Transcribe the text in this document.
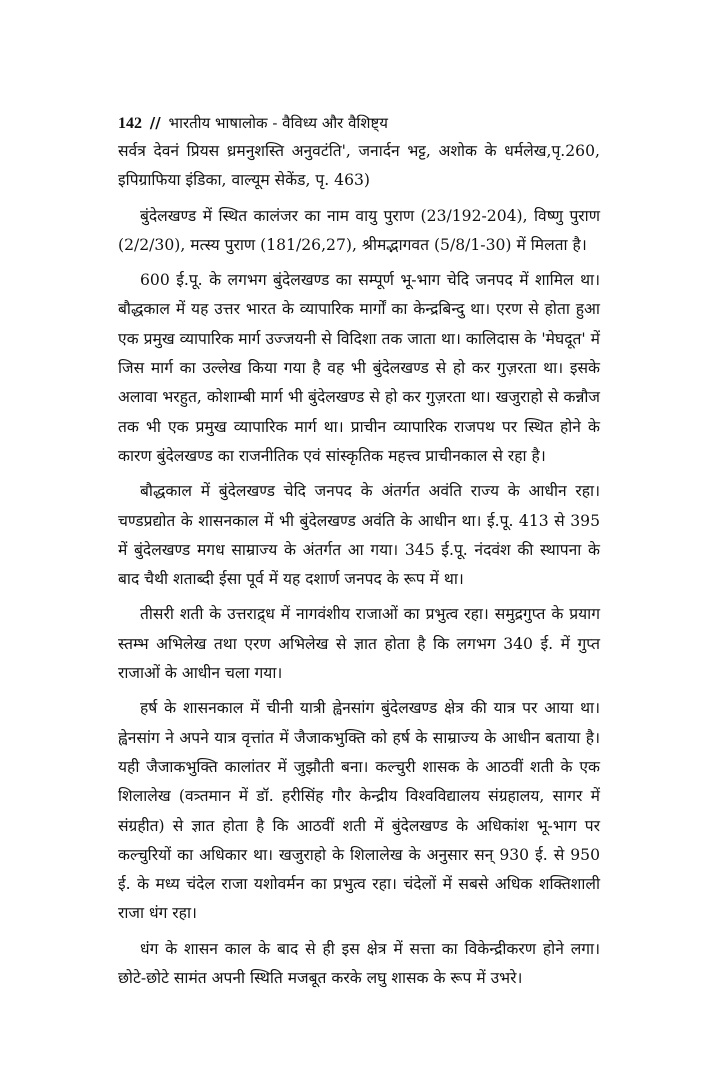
142 // भारतीय भाषालोक - वैविध्य और वैशिष्ट्य

सर्वत्र देवनं प्रियस ध्रमनुशस्ति अनुवटंति', जनार्दन भट्ट, अशोक के धर्मलेख,पृ.260, इपिग्राफिया इंडिका, वाल्यूम सेकेंड, पृ. 463)

बुंदेलखण्ड में स्थित कालंजर का नाम वायु पुराण (23/192-204), विष्णु पुराण (2/2/30), मत्स्य पुराण (181/26,27), श्रीमद्भागवत (5/8/1-30) में मिलता है।

600 ई.पू. के लगभग बुंदेलखण्ड का सम्पूर्ण भू-भाग चेदि जनपद में शामिल था। बौद्धकाल में यह उत्तर भारत के व्यापारिक मार्गों का केन्द्रबिन्दु था। एरण से होता हुआ एक प्रमुख व्यापारिक मार्ग उज्जयनी से विदिशा तक जाता था। कालिदास के 'मेघदूत' में जिस मार्ग का उल्लेख किया गया है वह भी बुंदेलखण्ड से हो कर गुज़रता था। इसके अलावा भरहुत, कोशाम्बी मार्ग भी बुंदेलखण्ड से हो कर गुज़रता था। खजुराहो से कन्नौज तक भी एक प्रमुख व्यापारिक मार्ग था। प्राचीन व्यापारिक राजपथ पर स्थित होने के कारण बुंदेलखण्ड का राजनीतिक एवं सांस्कृतिक महत्त्व प्राचीनकाल से रहा है।

बौद्धकाल में बुंदेलखण्ड चेदि जनपद के अंतर्गत अवंति राज्य के आधीन रहा। चण्डप्रद्योत के शासनकाल में भी बुंदेलखण्ड अवंति के आधीन था। ई.पू. 413 से 395 में बुंदेलखण्ड मगध साम्राज्य के अंतर्गत आ गया। 345 ई.पू. नंदवंश की स्थापना के बाद चैथी शताब्दी ईसा पूर्व में यह दशार्ण जनपद के रूप में था।

तीसरी शती के उत्तराद्र्ध में नागवंशीय राजाओं का प्रभुत्व रहा। समुद्रगुप्त के प्रयाग स्तम्भ अभिलेख तथा एरण अभिलेख से ज्ञात होता है कि लगभग 340 ई. में गुप्त राजाओं के आधीन चला गया।

हर्ष के शासनकाल में चीनी यात्री ह्वेनसांग बुंदेलखण्ड क्षेत्र की यात्र पर आया था। ह्वेनसांग ने अपने यात्र वृत्तांत में जैजाकभुक्ति को हर्ष के साम्राज्य के आधीन बताया है। यही जैजाकभुक्ति कालांतर में जुझौती बना। कल्चुरी शासक के आठवीं शती के एक शिलालेख (वत्र्तमान में डॉ. हरीसिंह गौर केन्द्रीय विश्वविद्यालय संग्रहालय, सागर में संग्रहीत) से ज्ञात होता है कि आठवीं शती में बुंदेलखण्ड के अधिकांश भू-भाग पर कल्चुरियों का अधिकार था। खजुराहो के शिलालेख के अनुसार सन् 930 ई. से 950 ई. के मध्य चंदेल राजा यशोवर्मन का प्रभुत्व रहा। चंदेलों में सबसे अधिक शक्तिशाली राजा धंग रहा।

धंग के शासन काल के बाद से ही इस क्षेत्र में सत्ता का विकेन्द्रीकरण होने लगा। छोटे-छोटे सामंत अपनी स्थिति मजबूत करके लघु शासक के रूप में उभरे।
